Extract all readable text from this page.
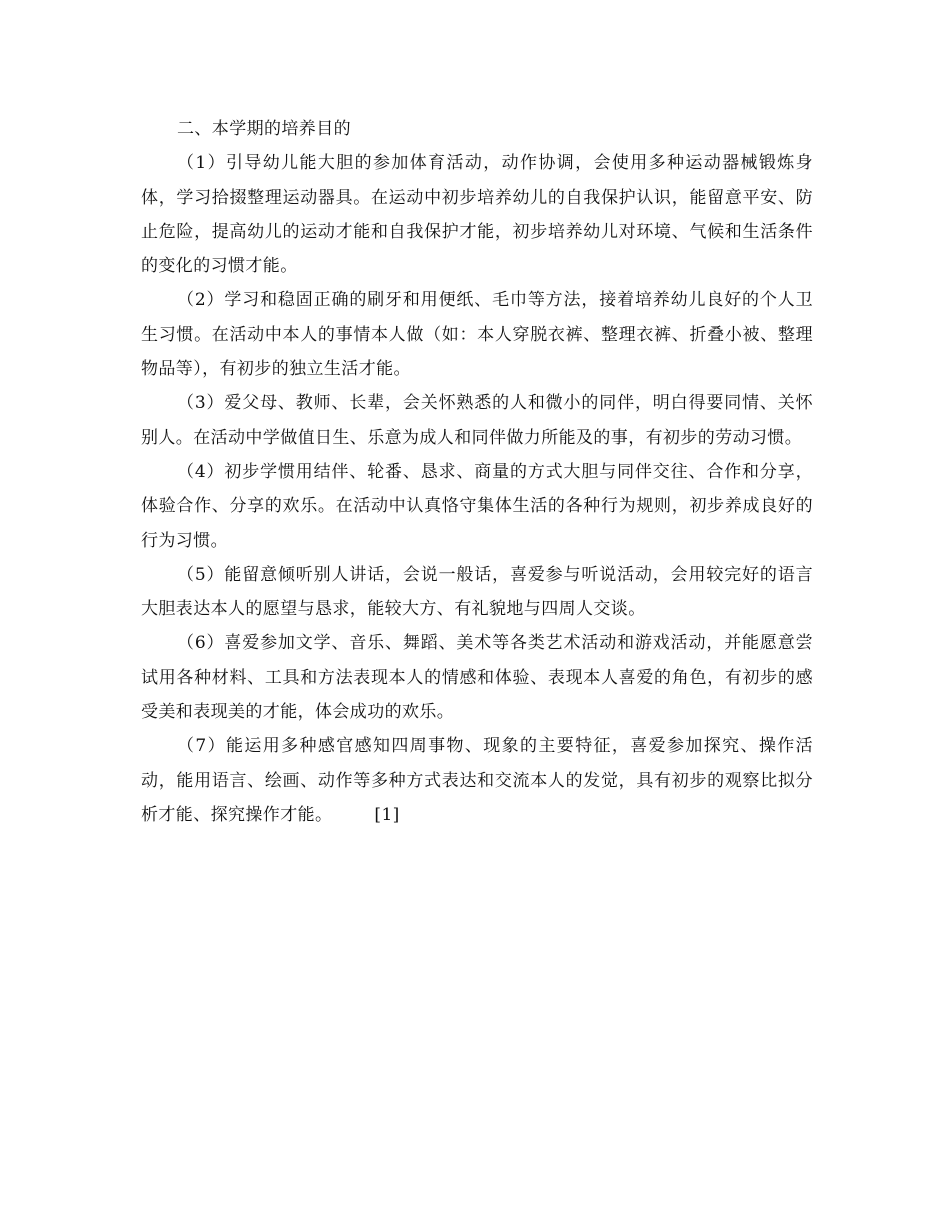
二、本学期的培养目的

（1）引导幼儿能大胆的参加体育活动，动作协调，会使用多种运动器械锻炼身体，学习拾掇整理运动器具。在运动中初步培养幼儿的自我保护认识，能留意平安、防止危险，提高幼儿的运动才能和自我保护才能，初步培养幼儿对环境、气候和生活条件的变化的习惯才能。

（2）学习和稳固正确的刷牙和用便纸、毛巾等方法，接着培养幼儿良好的个人卫生习惯。在活动中本人的事情本人做（如：本人穿脱衣裤、整理衣裤、折叠小被、整理物品等），有初步的独立生活才能。

（3）爱父母、教师、长辈，会关怀熟悉的人和微小的同伴，明白得要同情、关怀别人。在活动中学做值日生、乐意为成人和同伴做力所能及的事，有初步的劳动习惯。

（4）初步学惯用结伴、轮番、恳求、商量的方式大胆与同伴交往、合作和分享，体验合作、分享的欢乐。在活动中认真恪守集体生活的各种行为规则，初步养成良好的行为习惯。

（5）能留意倾听别人讲话，会说一般话，喜爱参与听说活动，会用较完好的语言大胆表达本人的愿望与恳求，能较大方、有礼貌地与四周人交谈。

（6）喜爱参加文学、音乐、舞蹈、美术等各类艺术活动和游戏活动，并能愿意尝试用各种材料、工具和方法表现本人的情感和体验、表现本人喜爱的角色，有初步的感受美和表现美的才能，体会成功的欢乐。

（7）能运用多种感官感知四周事物、现象的主要特征，喜爱参加探究、操作活动，能用语言、绘画、动作等多种方式表达和交流本人的发觉，具有初步的观察比拟分析才能、探究操作才能。 [1]
